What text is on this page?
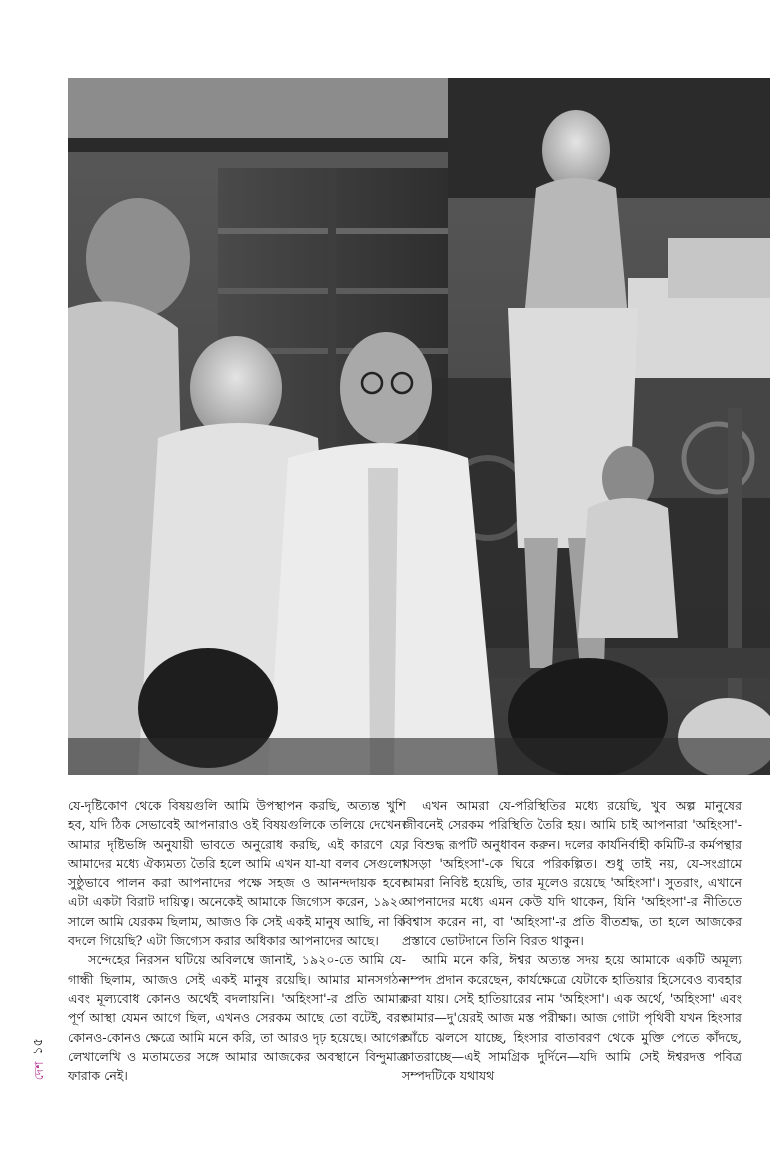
যে-দৃষ্টিকোণ থেকে বিষয়গুলি আমি উপস্থাপন করছি, অত্যন্ত খুশি হব, যদি ঠিক সেভাবেই আপনারাও ওই বিষয়গুলিকে তলিয়ে দেখেন। আমার দৃষ্টিভঙ্গি অনুযায়ী ভাবতে অনুরোধ করছি, এই কারণে যে, আমাদের মধ্যে ঐক্যমত্য তৈরি হলে আমি এখন যা-যা বলব সেগুলো সুষ্ঠুভাবে পালন করা আপনাদের পক্ষে সহজ ও আনন্দদায়ক হবে। এটা একটা বিরাট দায়িত্ব। অনেকেই আমাকে জিগ্যেস করেন, ১৯২০ সালে আমি যেরকম ছিলাম, আজও কি সেই একই মানুষ আছি, না কি বদলে গিয়েছি? এটা জিগ্যেস করার অধিকার আপনাদের আছে।

সন্দেহের নিরসন ঘটিয়ে অবিলম্বে জানাই, ১৯২০-তে আমি যে-গান্ধী ছিলাম, আজও সেই একই মানুষ রয়েছি। আমার মানসগঠন এবং মূল্যবোধ কোনও অর্থেই বদলায়নি। 'অহিংসা'-র প্রতি আমার পূর্ণ আস্থা যেমন আগে ছিল, এখনও সেরকম আছে তো বটেই, বরং কোনও-কোনও ক্ষেত্রে আমি মনে করি, তা আরও দৃঢ় হয়েছে। আগের লেখালেখি ও মতামতের সঙ্গে আমার আজকের অবস্থানে বিন্দুমাত্র ফারাক নেই।

এখন আমরা যে-পরিস্থিতির মধ্যে রয়েছি, খুব অল্প মানুষের জীবনেই সেরকম পরিস্থিতি তৈরি হয়। আমি চাই আপনারা 'অহিংসা'-র বিশুদ্ধ রূপটি অনুধাবন করুন। দলের কার্যনির্বাহী কমিটি-র কর্মপন্থার খসড়া 'অহিংসা'-কে ঘিরে পরিকল্পিত। শুধু তাই নয়, যে-সংগ্রামে আমরা নিবিষ্ট হয়েছি, তার মূলেও রয়েছে 'অহিংসা'। সুতরাং, এখানে আপনাদের মধ্যে এমন কেউ যদি থাকেন, যিনি 'অহিংসা'-র নীতিতে বিশ্বাস করেন না, বা 'অহিংসা'-র প্রতি বীতশ্রদ্ধ, তা হলে আজকের প্রস্তাবে ভোটদানে তিনি বিরত থাকুন।

আমি মনে করি, ঈশ্বর অত্যন্ত সদয় হয়ে আমাকে একটি অমূল্য সম্পদ প্রদান করেছেন, কার্যক্ষেত্রে যেটাকে হাতিয়ার হিসেবেও ব্যবহার করা যায়। সেই হাতিয়ারের নাম 'অহিংসা'। এক অর্থে, 'অহিংসা' এবং আমার—দু'য়েরই আজ মস্ত পরীক্ষা। আজ গোটা পৃথিবী যখন হিংসার আঁচে ঝলসে যাচ্ছে, হিংসার বাতাবরণ থেকে মুক্তি পেতে কাঁদছে, কাতরাচ্ছে—এই সামগ্রিক দুর্দিনে—যদি আমি সেই ঈশ্বরদত্ত পবিত্র সম্পদটিকে যথাযথ

১৫
দেশ
